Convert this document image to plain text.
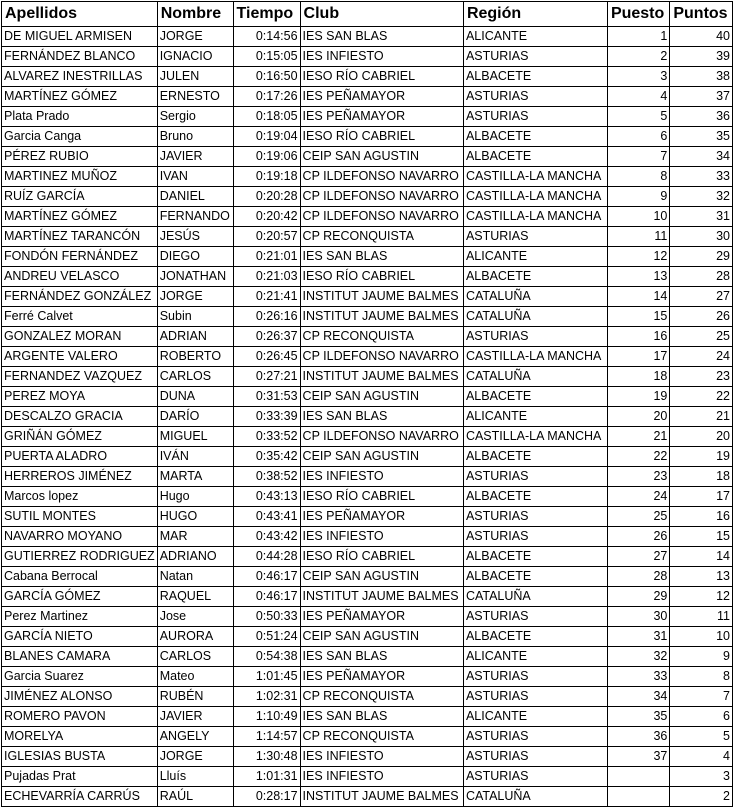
Apellidos	Nombre	Tiempo	Club	Región	Puesto	Puntos
DE MIGUEL ARMISEN	JORGE	0:14:56	IES SAN BLAS	ALICANTE	1	40
FERNÁNDEZ BLANCO	IGNACIO	0:15:05	IES INFIESTO	ASTURIAS	2	39
ALVAREZ INESTRILLAS	JULEN	0:16:50	IESO RÍO CABRIEL	ALBACETE	3	38
MARTÍNEZ GÓMEZ	ERNESTO	0:17:26	IES PEÑAMAYOR	ASTURIAS	4	37
Plata Prado	Sergio	0:18:05	IES PEÑAMAYOR	ASTURIAS	5	36
Garcia Canga	Bruno	0:19:04	IESO RÍO CABRIEL	ALBACETE	6	35
PÉREZ RUBIO	JAVIER	0:19:06	CEIP SAN AGUSTIN	ALBACETE	7	34
MARTINEZ MUÑOZ	IVAN	0:19:18	CP ILDEFONSO NAVARRO	CASTILLA-LA MANCHA	8	33
RUÍZ GARCÍA	DANIEL	0:20:28	CP ILDEFONSO NAVARRO	CASTILLA-LA MANCHA	9	32
MARTÍNEZ GÓMEZ	FERNANDO	0:20:42	CP ILDEFONSO NAVARRO	CASTILLA-LA MANCHA	10	31
MARTÍNEZ TARANCÓN	JESÚS	0:20:57	CP RECONQUISTA	ASTURIAS	11	30
FONDÓN FERNÁNDEZ	DIEGO	0:21:01	IES SAN BLAS	ALICANTE	12	29
ANDREU VELASCO	JONATHAN	0:21:03	IESO RÍO CABRIEL	ALBACETE	13	28
FERNÁNDEZ GONZÁLEZ	JORGE	0:21:41	INSTITUT JAUME BALMES	CATALUÑA	14	27
Ferré Calvet	Subin	0:26:16	INSTITUT JAUME BALMES	CATALUÑA	15	26
GONZALEZ MORAN	ADRIAN	0:26:37	CP RECONQUISTA	ASTURIAS	16	25
ARGENTE VALERO	ROBERTO	0:26:45	CP ILDEFONSO NAVARRO	CASTILLA-LA MANCHA	17	24
FERNANDEZ VAZQUEZ	CARLOS	0:27:21	INSTITUT JAUME BALMES	CATALUÑA	18	23
PEREZ MOYA	DUNA	0:31:53	CEIP SAN AGUSTIN	ALBACETE	19	22
DESCALZO GRACIA	DARÍO	0:33:39	IES SAN BLAS	ALICANTE	20	21
GRIÑÁN GÓMEZ	MIGUEL	0:33:52	CP ILDEFONSO NAVARRO	CASTILLA-LA MANCHA	21	20
PUERTA ALADRO	IVÁN	0:35:42	CEIP SAN AGUSTIN	ALBACETE	22	19
HERREROS JIMÉNEZ	MARTA	0:38:52	IES INFIESTO	ASTURIAS	23	18
Marcos lopez	Hugo	0:43:13	IESO RÍO CABRIEL	ALBACETE	24	17
SUTIL MONTES	HUGO	0:43:41	IES PEÑAMAYOR	ASTURIAS	25	16
NAVARRO MOYANO	MAR	0:43:42	IES INFIESTO	ASTURIAS	26	15
GUTIERREZ RODRIGUEZ	ADRIANO	0:44:28	IESO RÍO CABRIEL	ALBACETE	27	14
Cabana Berrocal	Natan	0:46:17	CEIP SAN AGUSTIN	ALBACETE	28	13
GARCÍA GÓMEZ	RAQUEL	0:46:17	INSTITUT JAUME BALMES	CATALUÑA	29	12
Perez Martinez	Jose	0:50:33	IES PEÑAMAYOR	ASTURIAS	30	11
GARCÍA NIETO	AURORA	0:51:24	CEIP SAN AGUSTIN	ALBACETE	31	10
BLANES CAMARA	CARLOS	0:54:38	IES SAN BLAS	ALICANTE	32	9
Garcia Suarez	Mateo	1:01:45	IES PEÑAMAYOR	ASTURIAS	33	8
JIMÉNEZ ALONSO	RUBÉN	1:02:31	CP RECONQUISTA	ASTURIAS	34	7
ROMERO PAVON	JAVIER	1:10:49	IES SAN BLAS	ALICANTE	35	6
MORELYA	ANGELY	1:14:57	CP RECONQUISTA	ASTURIAS	36	5
IGLESIAS BUSTA	JORGE	1:30:48	IES INFIESTO	ASTURIAS	37	4
Pujadas Prat	Lluís	1:01:31	IES INFIESTO	ASTURIAS		3
ECHEVARRÍA CARRÚS	RAÚL	0:28:17	INSTITUT JAUME BALMES	CATALUÑA		2
